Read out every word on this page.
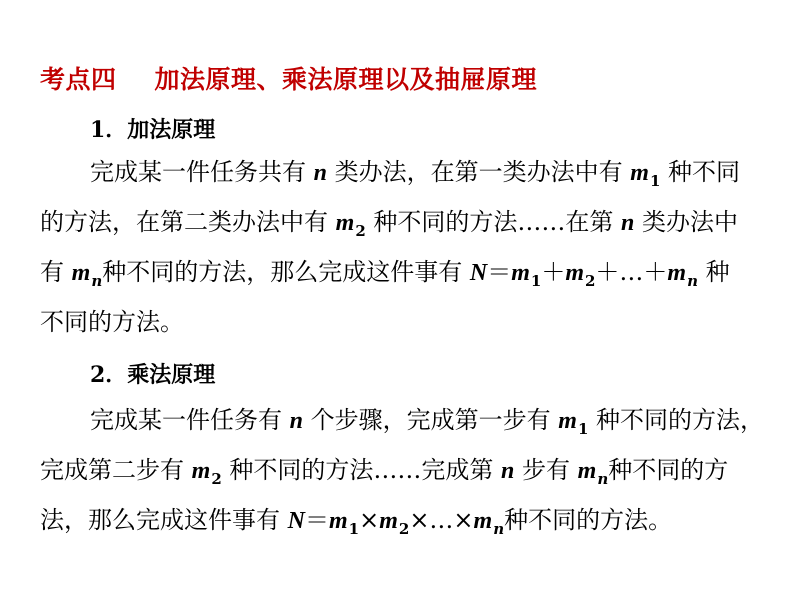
考点四 加法原理、乘法原理以及抽屉原理
1．加法原理
完成某一件任务共有 n 类办法，在第一类办法中有 $m_1$ 种不同
的方法，在第二类办法中有 $m_2$ 种不同的方法……在第 n 类办法中
有 $m_n$种不同的方法，那么完成这件事有 $N=m_1+m_2+\dots+m_n$ 种
不同的方法。
2．乘法原理
完成某一件任务有 n 个步骤，完成第一步有 $m_1$ 种不同的方法，
完成第二步有 $m_2$ 种不同的方法……完成第 n 步有 $m_n$种不同的方
法，那么完成这件事有 $N=m_1\times m_2\times\dots\times m_n$种不同的方法。
